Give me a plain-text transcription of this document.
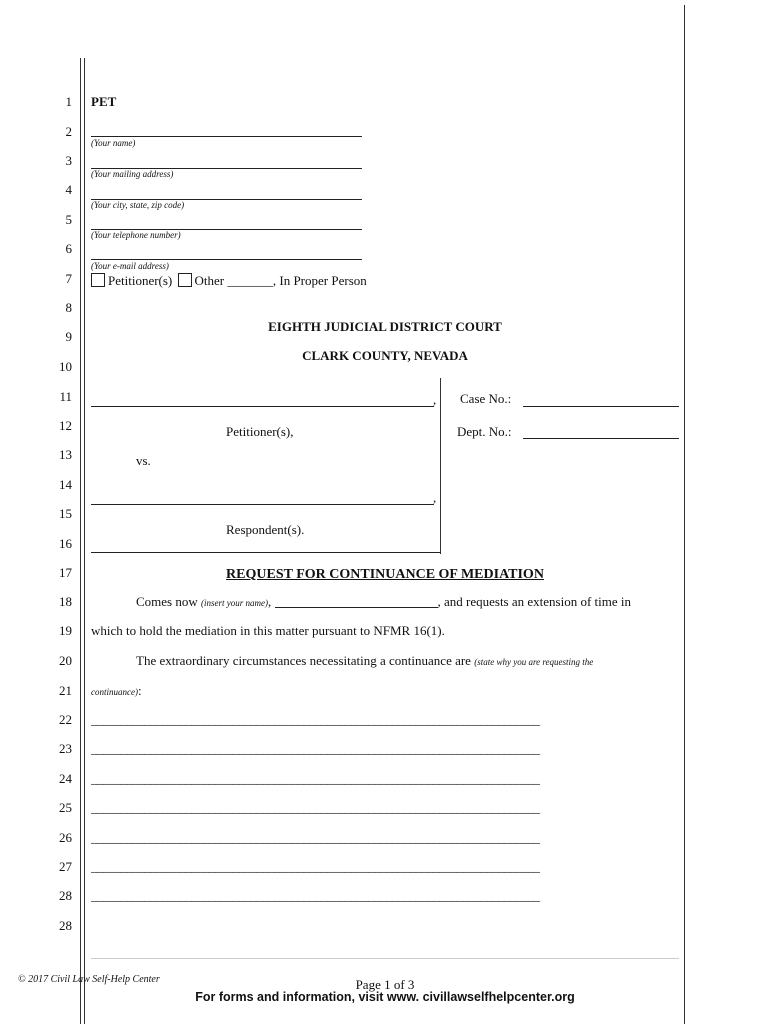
1
2
3
4
5
6
7
8
9
10
11
12
13
14
15
16
17
18
19
20
21
22
23
24
25
26
27
28
28
PET
(Your name)
(Your mailing address)
(Your city, state, zip code)
(Your telephone number)
(Your e-mail address)
Petitioner(s) Other _______, In Proper Person
EIGHTH JUDICIAL DISTRICT COURT
CLARK COUNTY, NEVADA
,
Petitioner(s),
vs.
,
Respondent(s).
Case No.:
Dept. No.:
REQUEST FOR CONTINUANCE OF MEDIATION
Comes now (insert your name),	, and requests an extension of time in
which to hold the mediation in this matter pursuant to NFMR 16(1).
The extraordinary circumstances necessitating a continuance are (state why you are requesting the
continuance):
____________________________________________________________________________
____________________________________________________________________________
____________________________________________________________________________
____________________________________________________________________________
____________________________________________________________________________
____________________________________________________________________________
____________________________________________________________________________
© 2017 Civil Law Self-Help Center	Page 1 of 3
For forms and information, visit www. civillawselfhelpcenter.org
